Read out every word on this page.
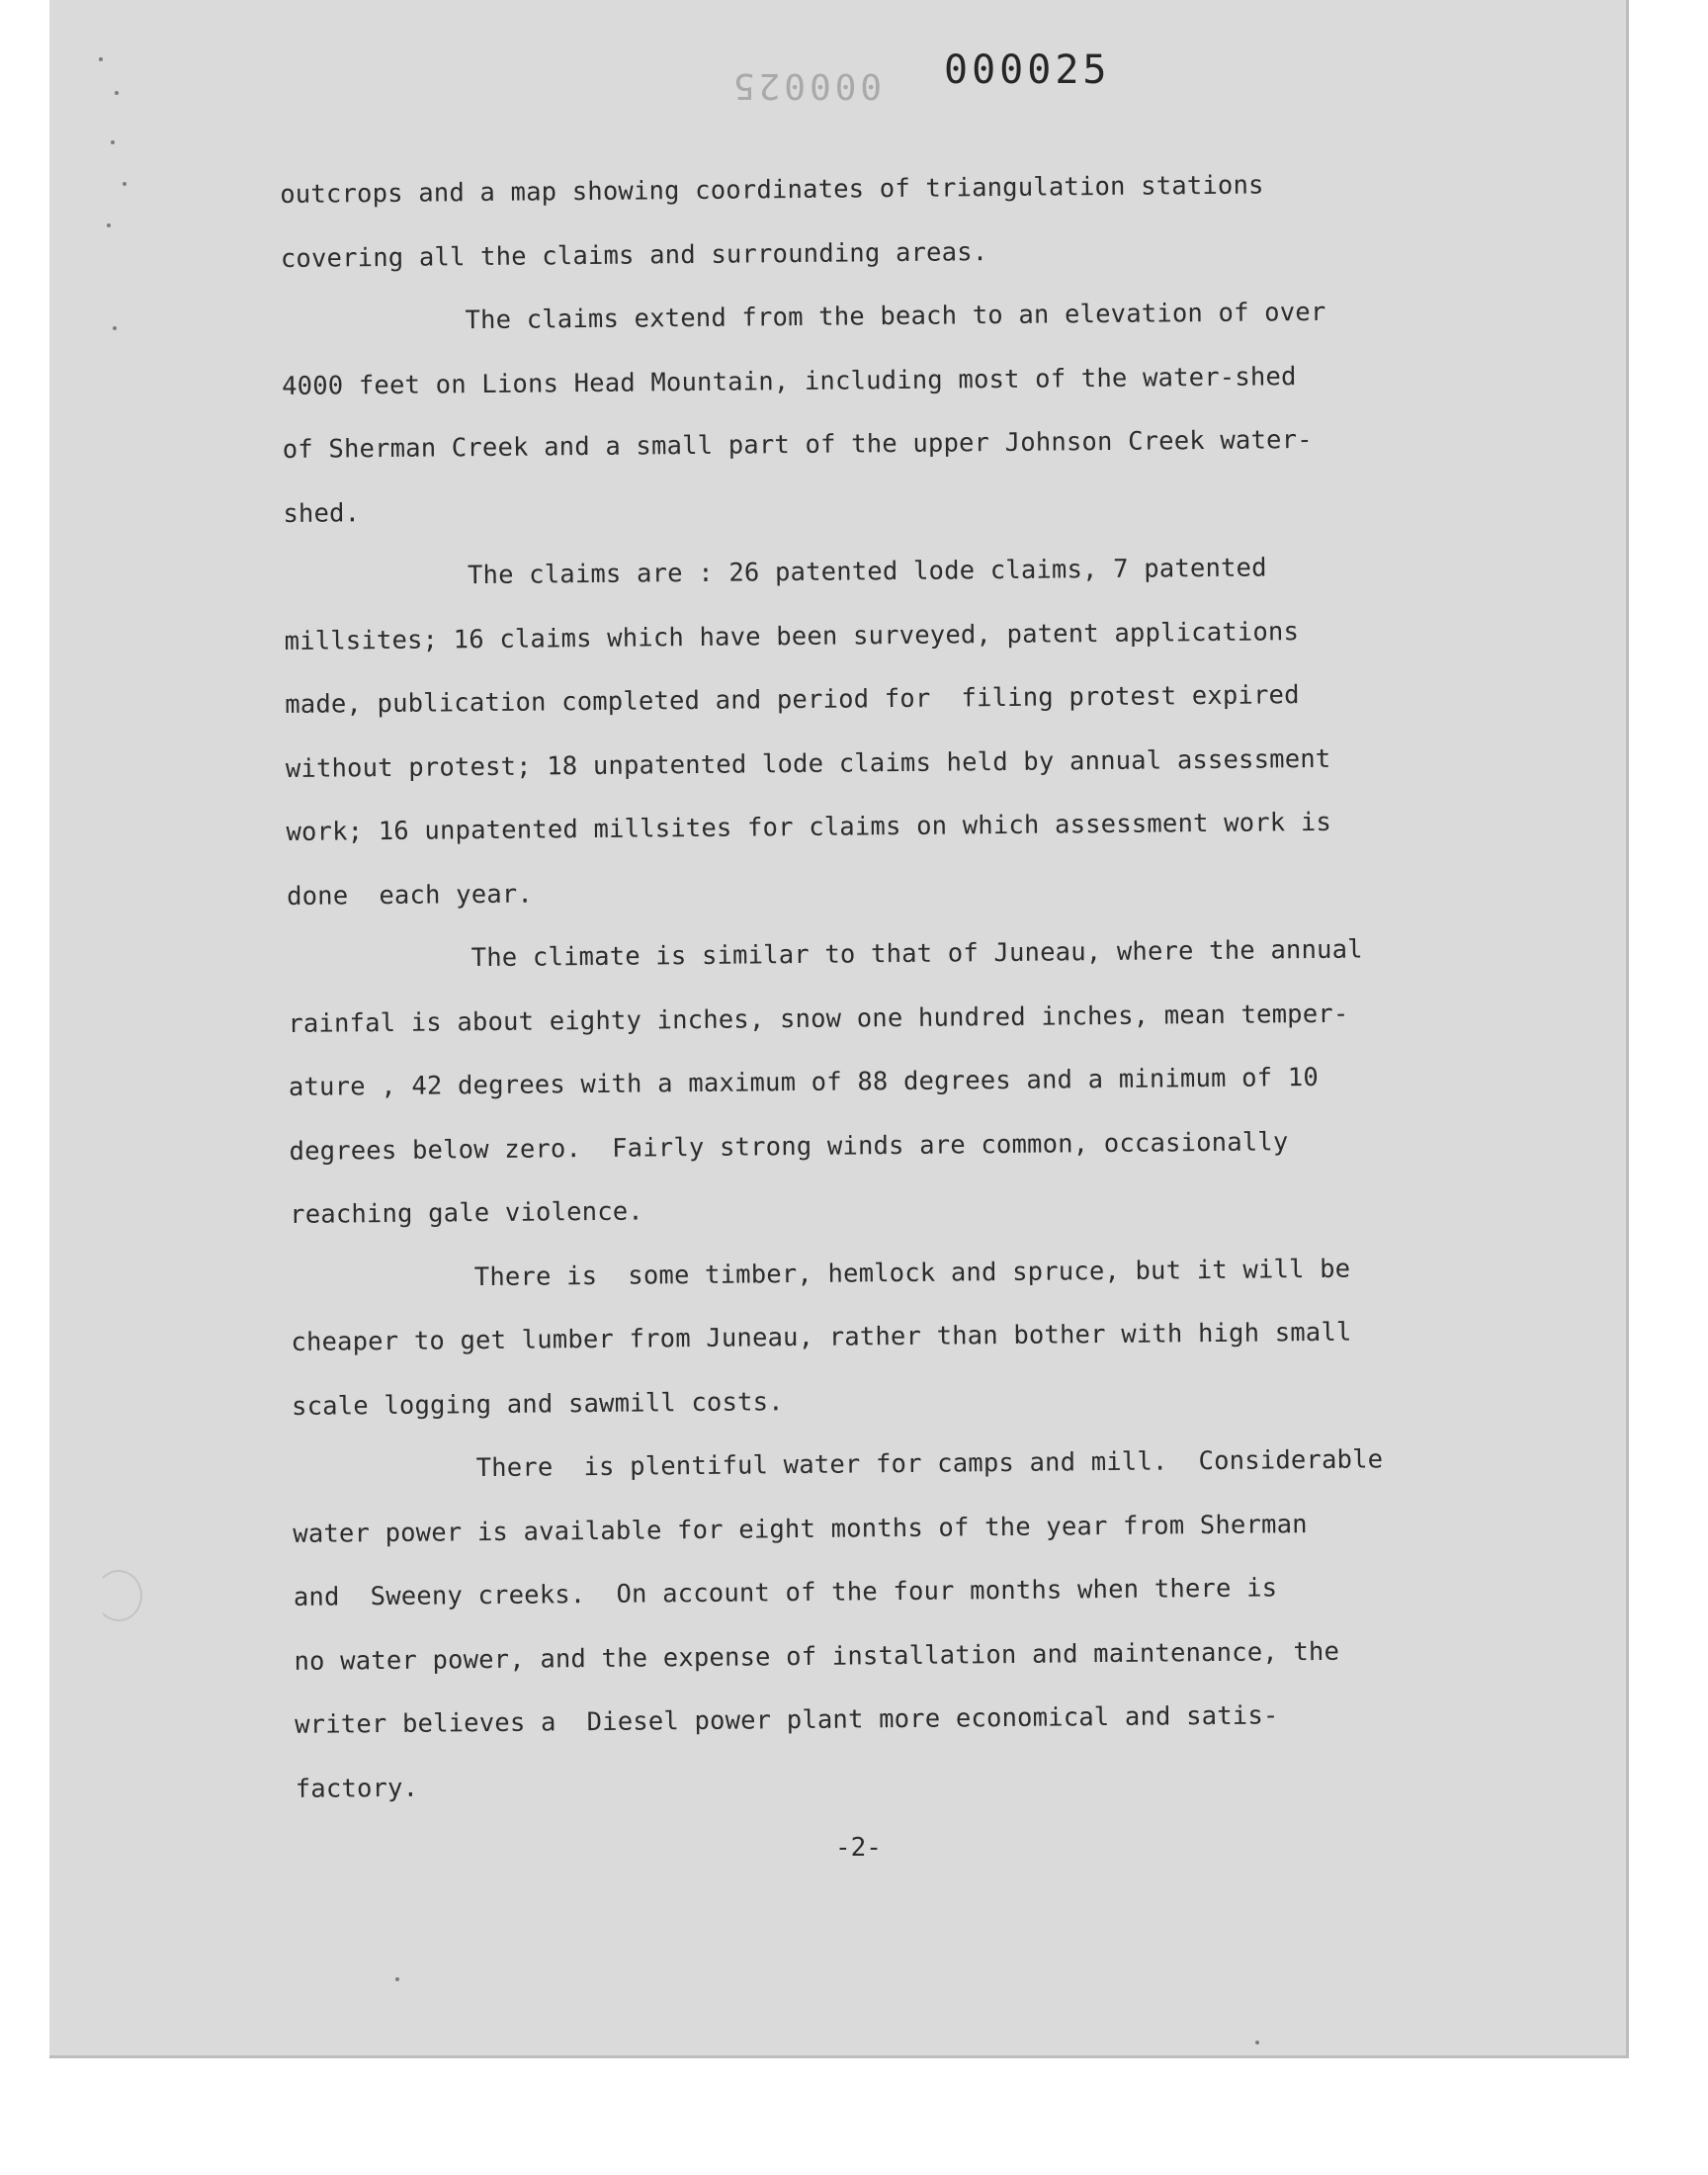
000025 000025
outcrops and a map showing coordinates of triangulation stations
covering all the claims and surrounding areas.
The claims extend from the beach to an elevation of over
4000 feet on Lions Head Mountain, including most of the water-shed
of Sherman Creek and a small part of the upper Johnson Creek water-
shed.
The claims are : 26 patented lode claims, 7 patented
millsites; 16 claims which have been surveyed, patent applications
made, publication completed and period for  filing protest expired
without protest; 18 unpatented lode claims held by annual assessment
work; 16 unpatented millsites for claims on which assessment work is
done  each year.
The climate is similar to that of Juneau, where the annual
rainfal is about eighty inches, snow one hundred inches, mean temper-
ature , 42 degrees with a maximum of 88 degrees and a minimum of 10
degrees below zero.  Fairly strong winds are common, occasionally
reaching gale violence.
There is  some timber, hemlock and spruce, but it will be
cheaper to get lumber from Juneau, rather than bother with high small
scale logging and sawmill costs.
There  is plentiful water for camps and mill.  Considerable
water power is available for eight months of the year from Sherman
and  Sweeny creeks.  On account of the four months when there is
no water power, and the expense of installation and maintenance, the
writer believes a  Diesel power plant more economical and satis-
factory.
-2-
